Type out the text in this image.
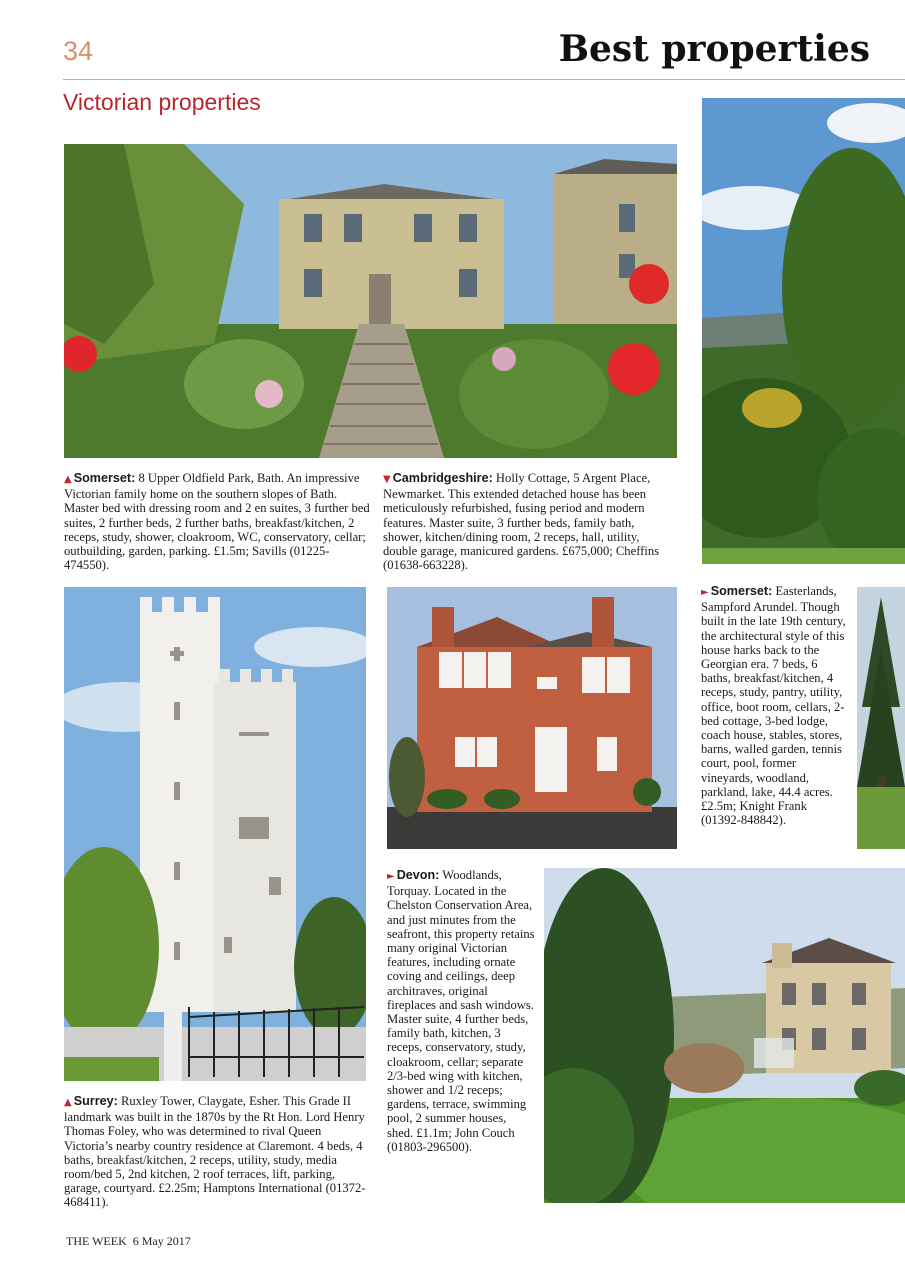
34	Best properties
Victorian properties
▲ Somerset: 8 Upper Oldfield Park, Bath. An impressive Victorian family home on the southern slopes of Bath. Master bed with dressing room and 2 en suites, 3 further bed suites, 2 further beds, 2 further baths, breakfast/kitchen, 2 receps, study, shower, cloakroom, WC, conservatory, cellar; outbuilding, garden, parking. £1.5m; Savills (01225-474550).
▼ Cambridgeshire: Holly Cottage, 5 Argent Place, Newmarket. This extended detached house has been meticulously refurbished, fusing period and modern features. Master suite, 3 further beds, family bath, shower, kitchen/dining room, 2 receps, hall, utility, double garage, manicured gardens. £675,000; Cheffins (01638-663228).
► Somerset: Easterlands, Sampford Arundel. Though built in the late 19th century, the architectural style of this house harks back to the Georgian era. 7 beds, 6 baths, breakfast/kitchen, 4 receps, study, pantry, utility, office, boot room, cellars, 2-bed cottage, 3-bed lodge, coach house, stables, stores, barns, walled garden, tennis court, pool, former vineyards, woodland, parkland, lake, 44.4 acres. £2.5m; Knight Frank (01392-848842).
► Devon: Woodlands, Torquay. Located in the Chelston Conservation Area, and just minutes from the seafront, this property retains many original Victorian features, including ornate coving and ceilings, deep architraves, original fireplaces and sash windows. Master suite, 4 further beds, family bath, kitchen, 3 receps, conservatory, study, cloakroom, cellar; separate 2/3-bed wing with kitchen, shower and 1/2 receps; gardens, terrace, swimming pool, 2 summer houses, shed. £1.1m; John Couch (01803-296500).
▲ Surrey: Ruxley Tower, Claygate, Esher. This Grade II landmark was built in the 1870s by the Rt Hon. Lord Henry Thomas Foley, who was determined to rival Queen Victoria’s nearby country residence at Claremont. 4 beds, 4 baths, breakfast/kitchen, 2 receps, utility, study, media room/bed 5, 2nd kitchen, 2 roof terraces, lift, parking, garage, courtyard. £2.25m; Hamptons International (01372-468411).
THE WEEK 6 May 2017
